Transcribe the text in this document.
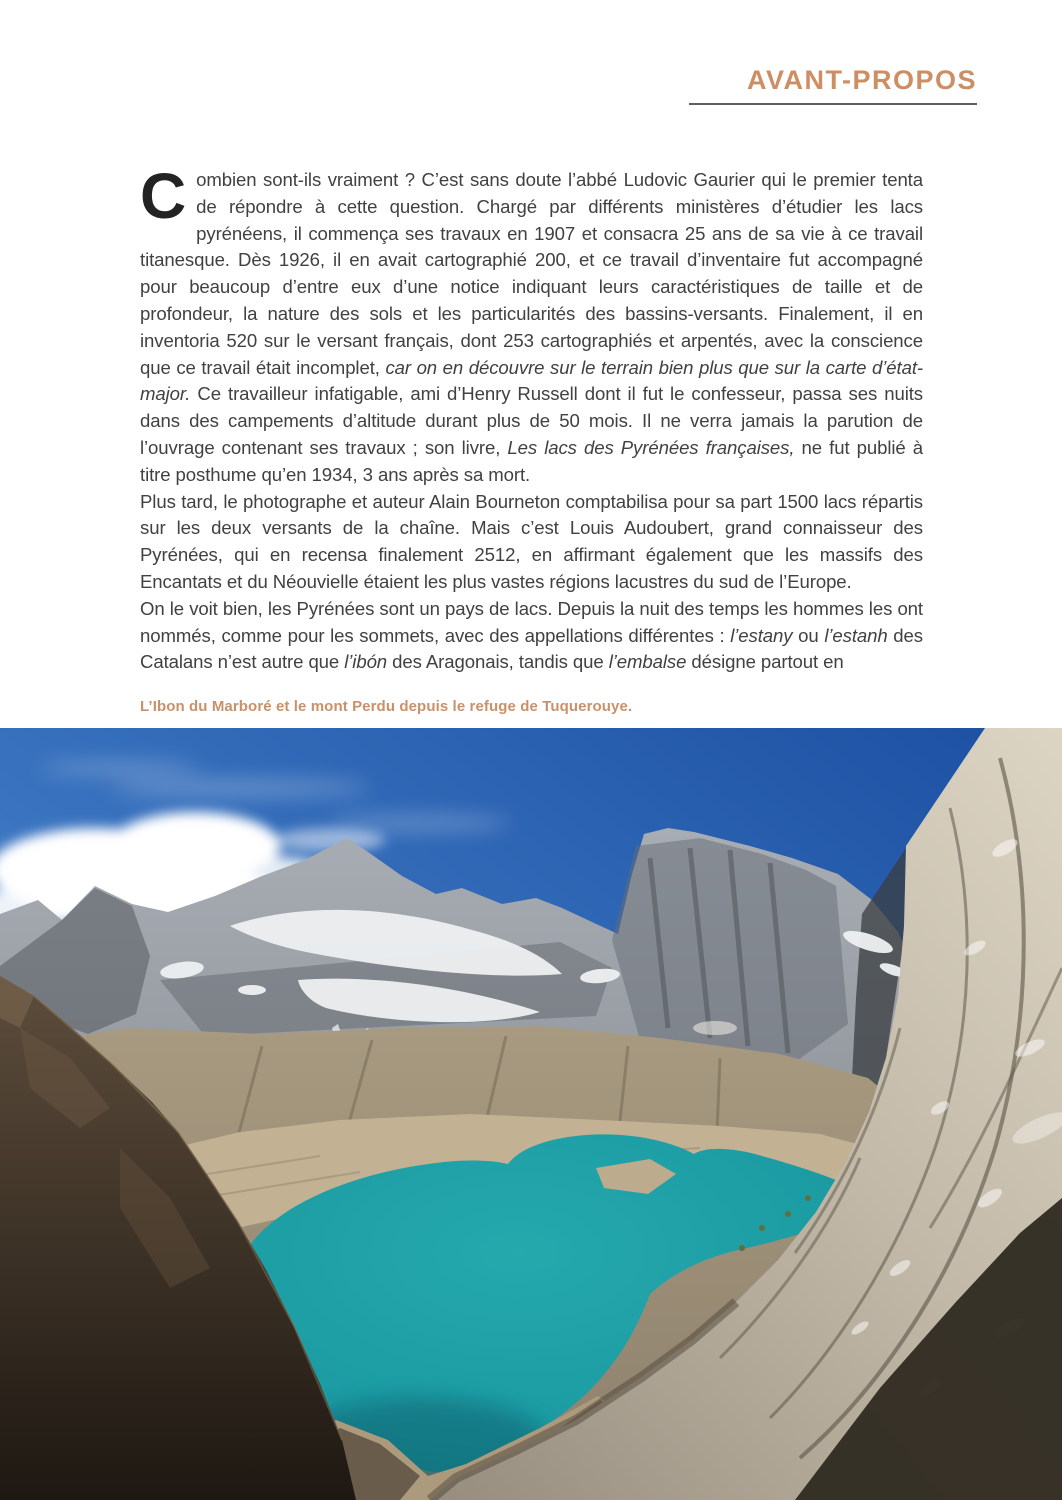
AVANT-PROPOS

Combien sont-ils vraiment ? C’est sans doute l’abbé Ludovic Gaurier qui le premier tenta de répondre à cette question. Chargé par différents ministères d’étudier les lacs pyrénéens, il commença ses travaux en 1907 et consacra 25 ans de sa vie à ce travail titanesque. Dès 1926, il en avait cartographié 200, et ce travail d’inventaire fut accompagné pour beaucoup d’entre eux d’une notice indiquant leurs caractéristiques de taille et de profondeur, la nature des sols et les particularités des bassins-versants. Finalement, il en inventoria 520 sur le versant français, dont 253 cartographiés et arpentés, avec la conscience que ce travail était incomplet, car on en découvre sur le terrain bien plus que sur la carte d’état-major. Ce travailleur infatigable, ami d’Henry Russell dont il fut le confesseur, passa ses nuits dans des campements d’altitude durant plus de 50 mois. Il ne verra jamais la parution de l’ouvrage contenant ses travaux ; son livre, Les lacs des Pyrénées françaises, ne fut publié à titre posthume qu’en 1934, 3 ans après sa mort.

Plus tard, le photographe et auteur Alain Bourneton comptabilisa pour sa part 1500 lacs répartis sur les deux versants de la chaîne. Mais c’est Louis Audoubert, grand connaisseur des Pyrénées, qui en recensa finalement 2512, en affirmant également que les massifs des Encantats et du Néouvielle étaient les plus vastes régions lacustres du sud de l’Europe.

On le voit bien, les Pyrénées sont un pays de lacs. Depuis la nuit des temps les hommes les ont nommés, comme pour les sommets, avec des appellations différentes : l’estany ou l’estanh des Catalans n’est autre que l’ibón des Aragonais, tandis que l’embalse désigne partout en

L’Ibon du Marboré et le mont Perdu depuis le refuge de Tuquerouye.
